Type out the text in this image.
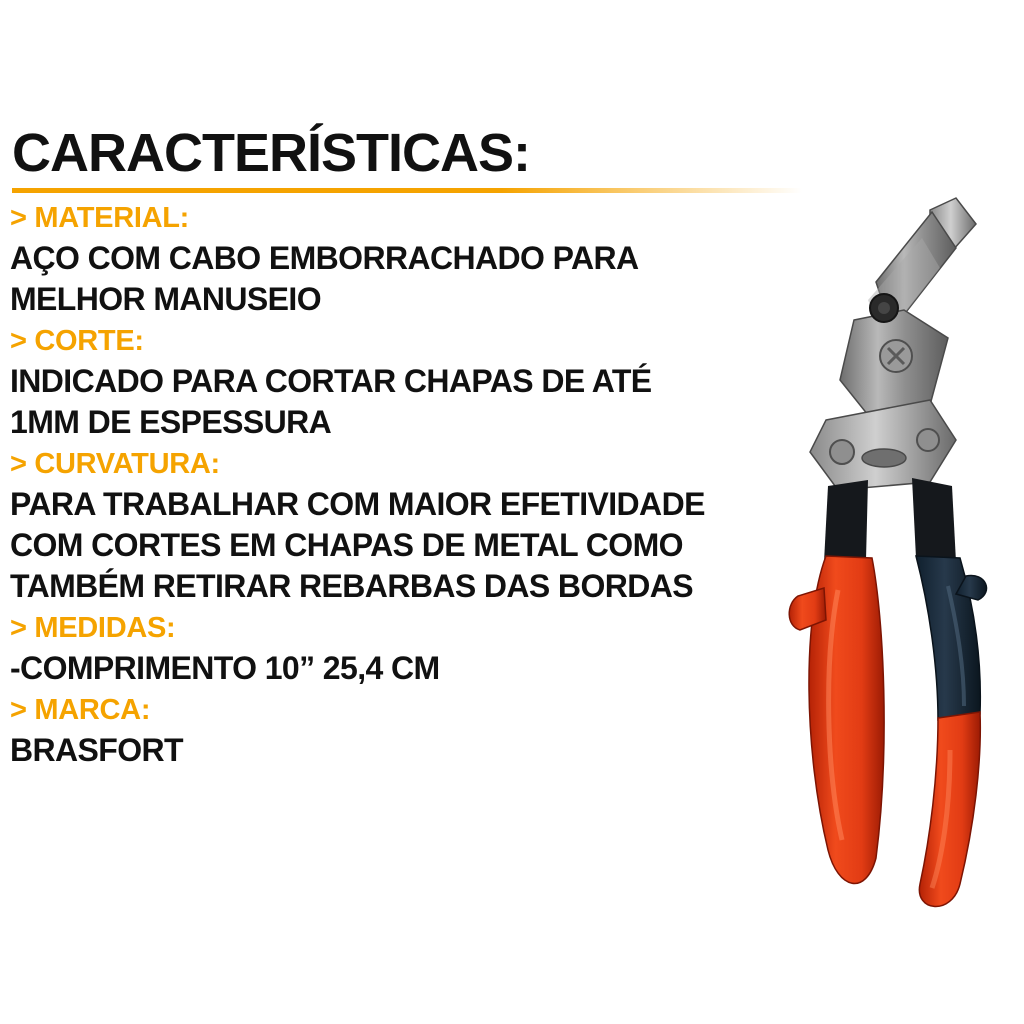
CARACTERÍSTICAS:
> MATERIAL:
AÇO COM CABO EMBORRACHADO PARA
MELHOR MANUSEIO
> CORTE:
INDICADO PARA CORTAR CHAPAS DE ATÉ
1MM DE ESPESSURA
> CURVATURA:
PARA TRABALHAR COM MAIOR EFETIVIDADE
COM CORTES EM CHAPAS DE METAL COMO
TAMBÉM RETIRAR REBARBAS DAS BORDAS
> MEDIDAS:
-COMPRIMENTO 10” 25,4 CM
> MARCA:
BRASFORT
